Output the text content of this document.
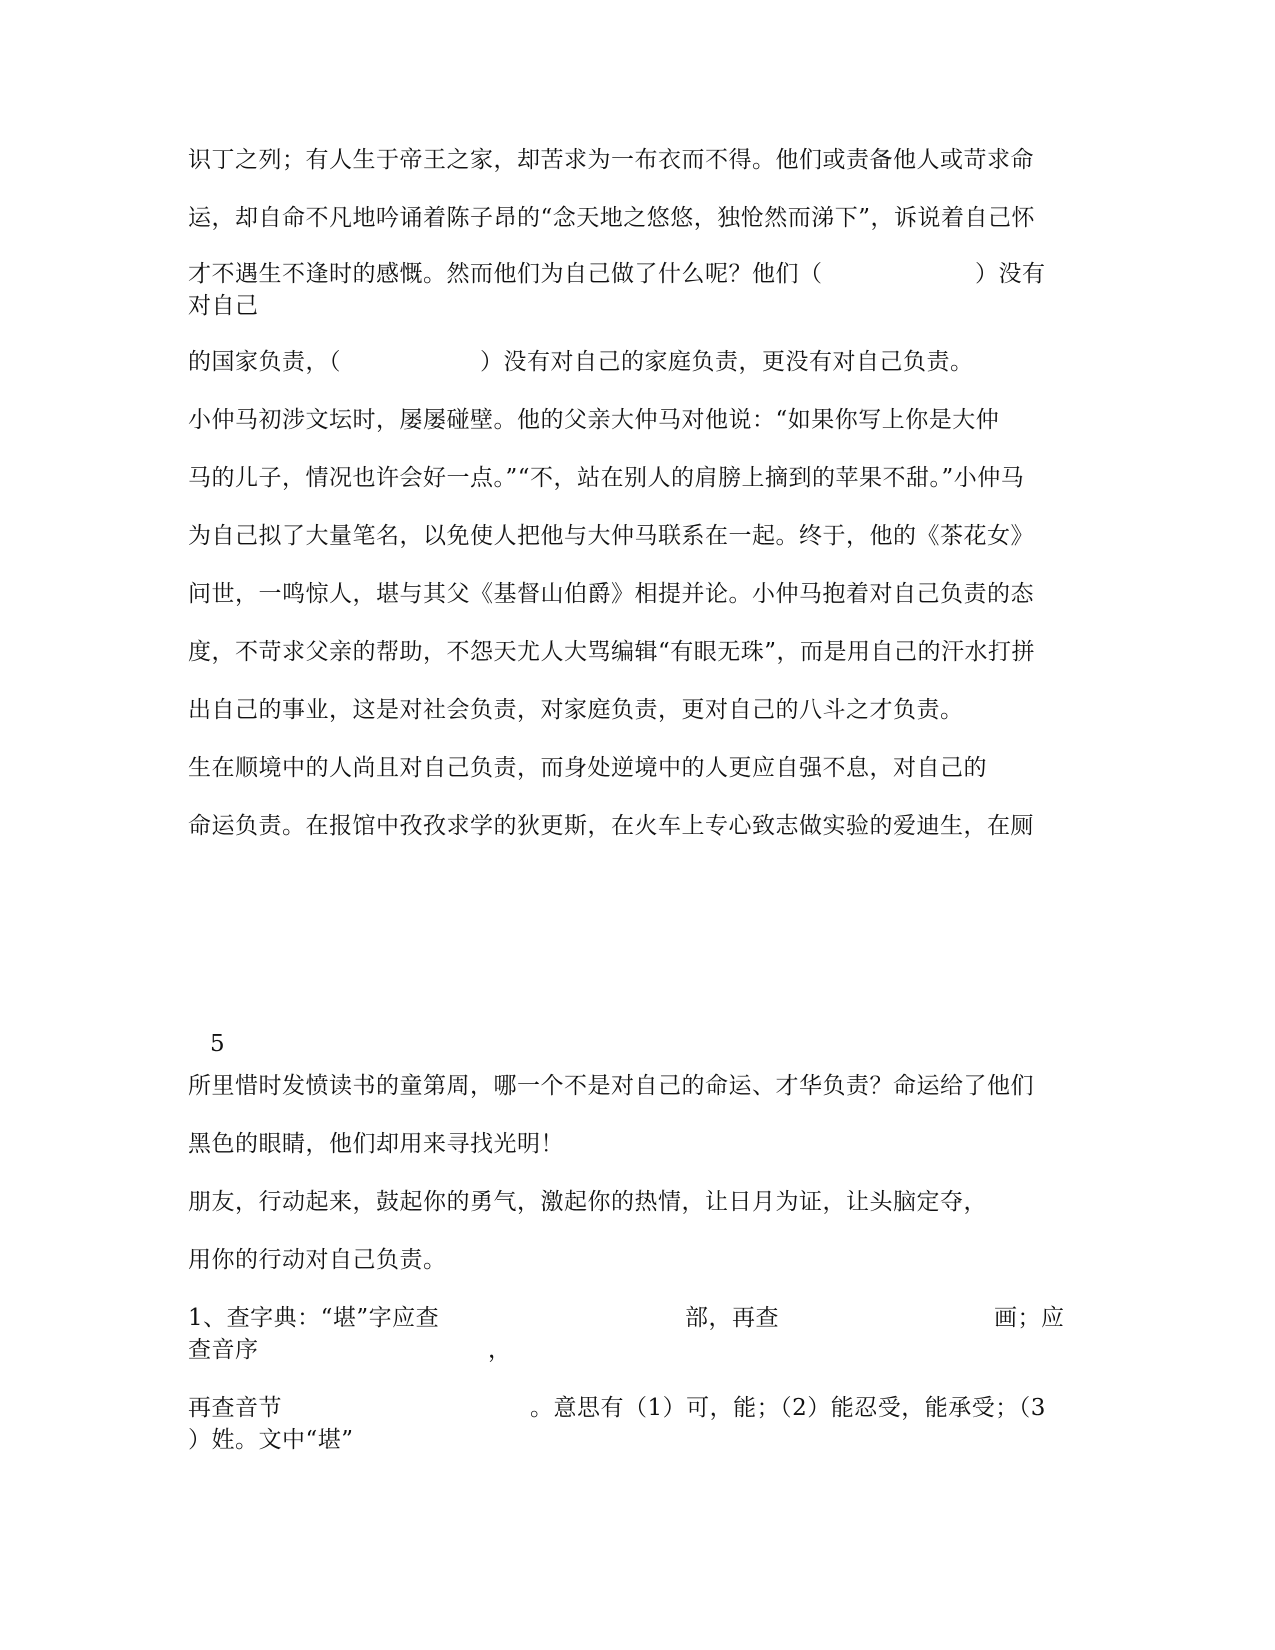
识丁之列；有人生于帝王之家，却苦求为一布衣而不得。他们或责备他人或苛求命
运，却自命不凡地吟诵着陈子昂的“念天地之悠悠，独怆然而涕下”，诉说着自己怀

才不遇生不逢时的感慨。然而他们为自己做了什么呢？他们（

	）没有

对自己

的国家负责，（

	）没有对自己的家庭负责，更没有对自己负责。

小仲马初涉文坛时，屡屡碰壁。他的父亲大仲马对他说：“如果你写上你是大仲
马的儿子，情况也许会好一点。”“不，站在别人的肩膀上摘到的苹果不甜。”小仲马
为自己拟了大量笔名，以免使人把他与大仲马联系在一起。终于，他的《茶花女》
问世，一鸣惊人，堪与其父《基督山伯爵》相提并论。小仲马抱着对自己负责的态
度，不苛求父亲的帮助，不怨天尤人大骂编辑“有眼无珠”，而是用自己的汗水打拼
出自己的事业，这是对社会负责，对家庭负责，更对自己的八斗之才负责。
生在顺境中的人尚且对自己负责，而身处逆境中的人更应自强不息，对自己的
命运负责。在报馆中孜孜求学的狄更斯，在火车上专心致志做实验的爱迪生，在厕
5
所里惜时发愤读书的童第周，哪一个不是对自己的命运、才华负责？命运给了他们
黑色的眼睛，他们却用来寻找光明！
朋友，行动起来，鼓起你的勇气，激起你的热情，让日月为证，让头脑定夺，
用你的行动对自己负责。

1、查字典：“堪”字应查

	部，再查

	画；应

查音序

	，

再查音节

	。意思有（1）可，能；（2）能忍受，能承受；（3

）姓。文中“堪”
